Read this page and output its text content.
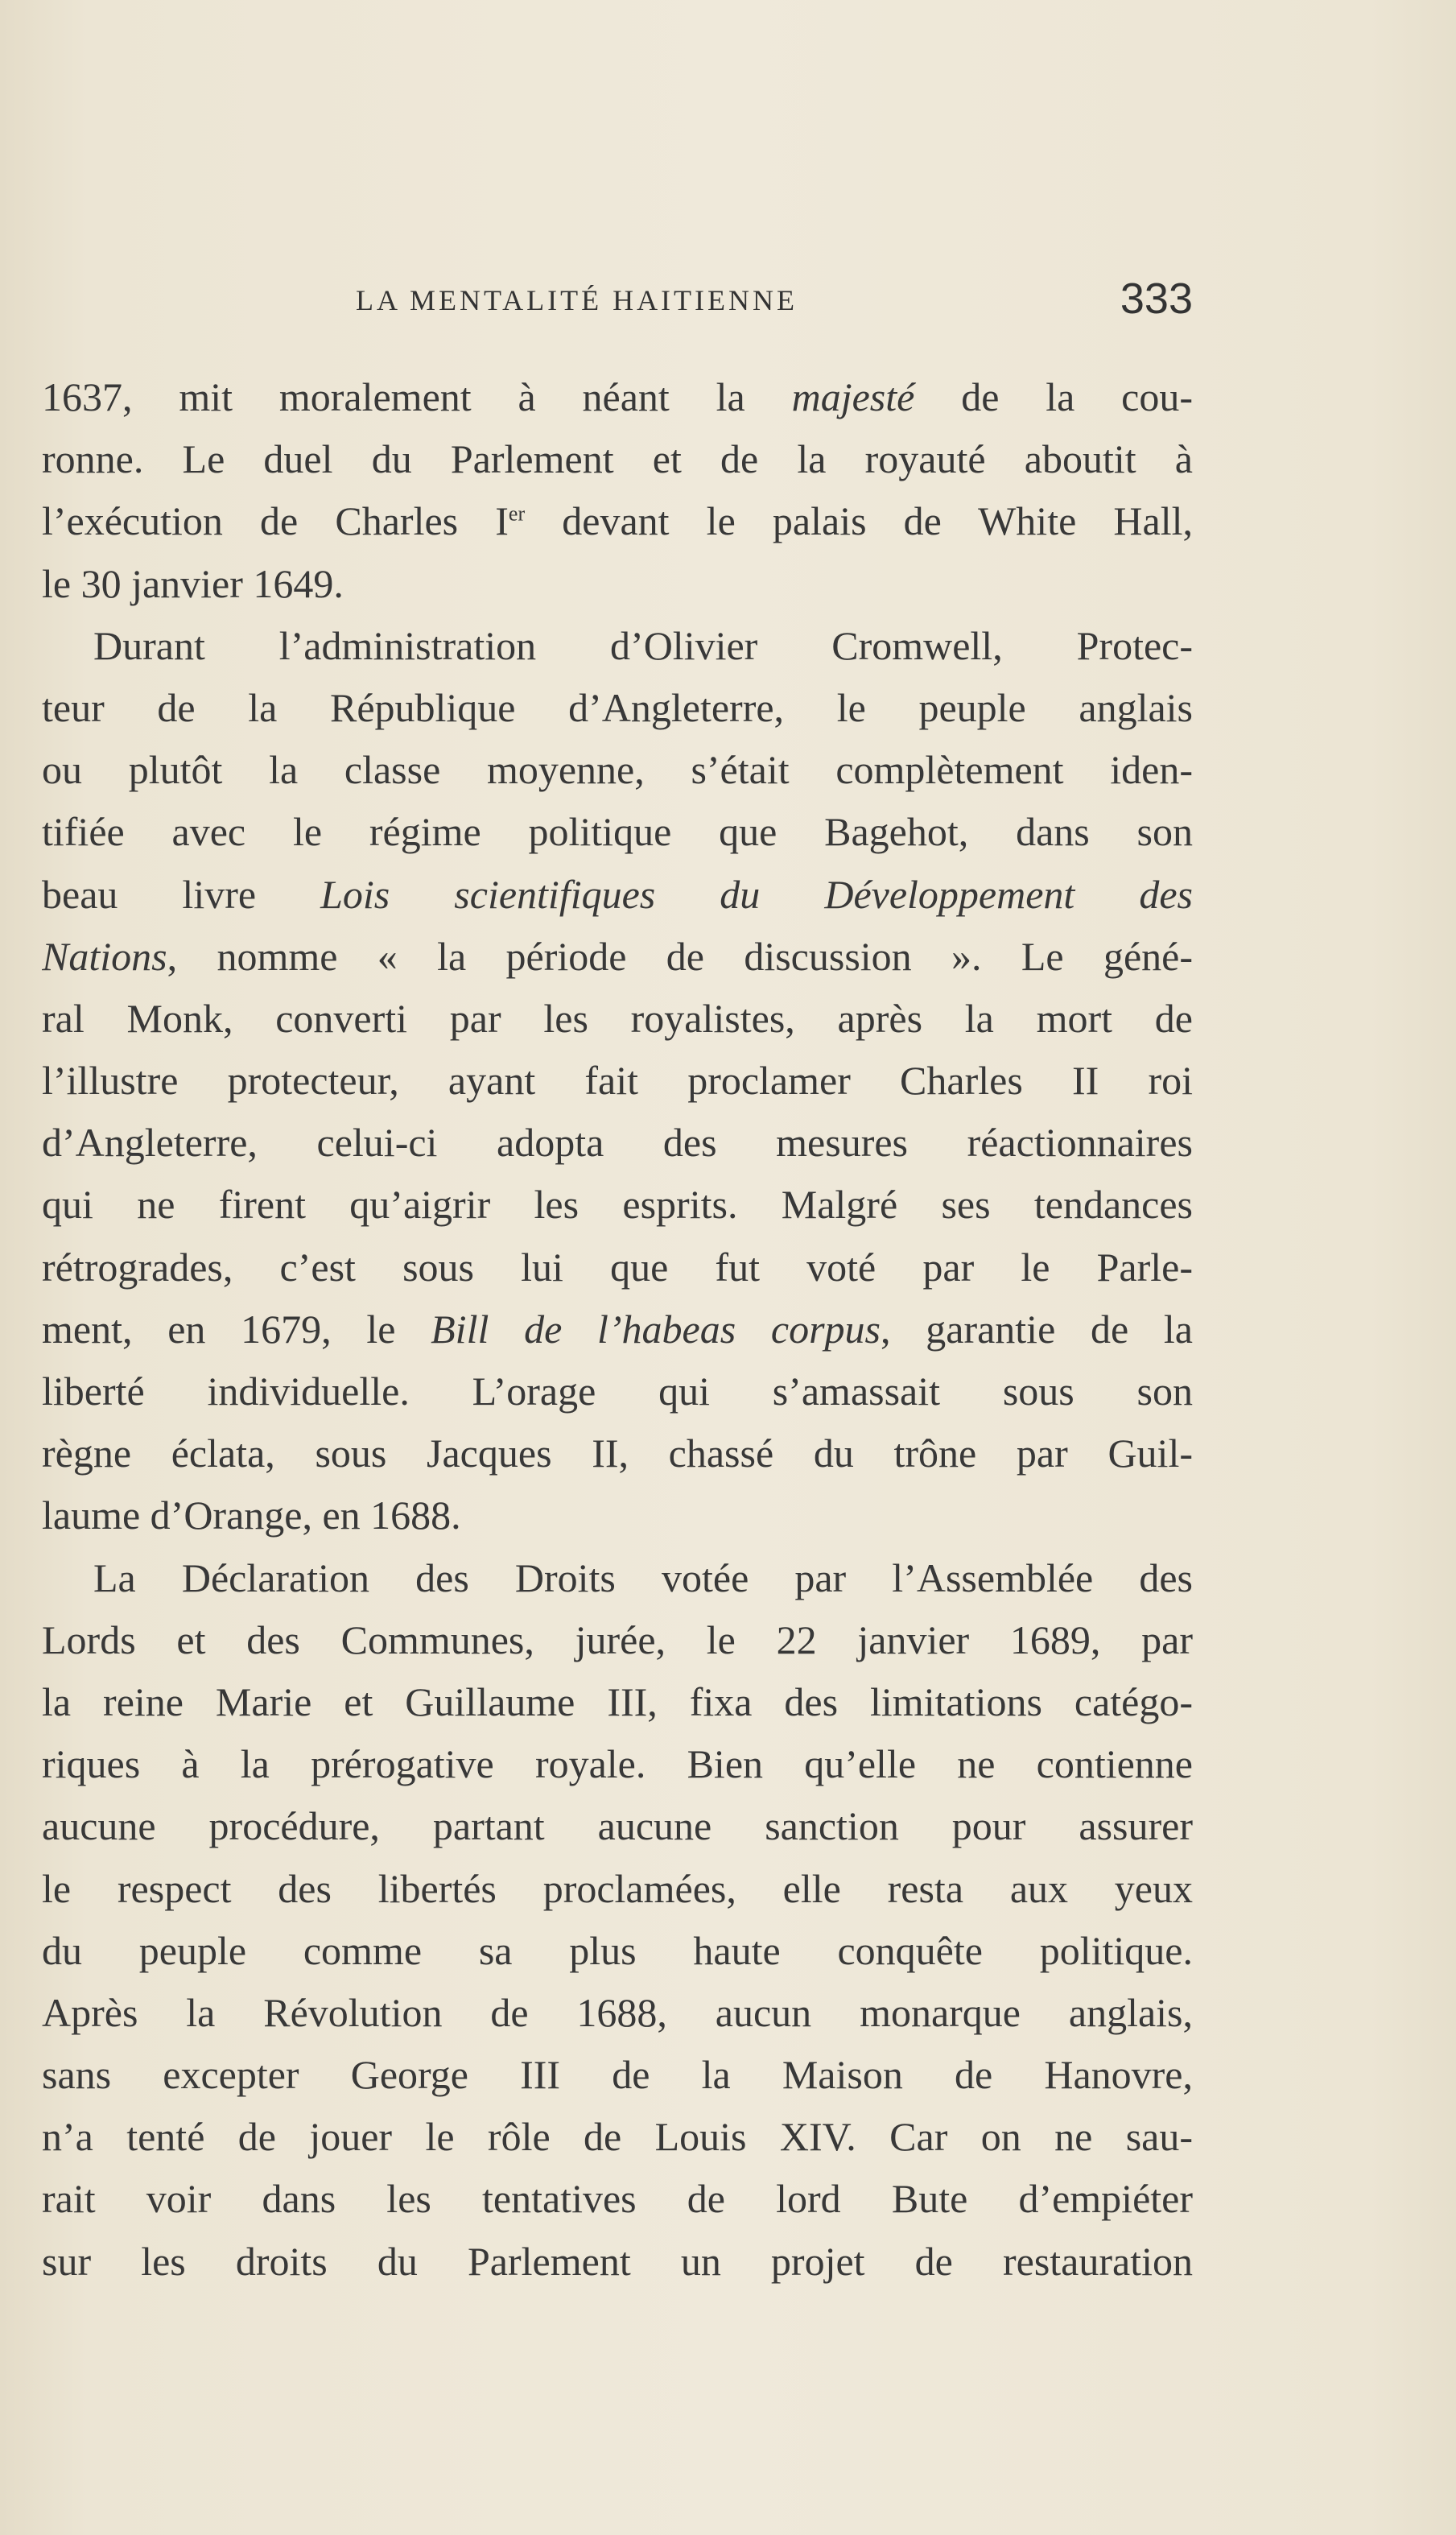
LA MENTALITÉ HAITIENNE	333
1637, mit moralement à néant la majesté de la cou-
ronne. Le duel du Parlement et de la royauté aboutit à
l’exécution de Charles Ier devant le palais de White Hall,
le 30 janvier 1649.
Durant l’administration d’Olivier Cromwell, Protec-
teur de la République d’Angleterre, le peuple anglais
ou plutôt la classe moyenne, s’était complètement iden-
tifiée avec le régime politique que Bagehot, dans son
beau livre Lois scientifiques du Développement des
Nations, nomme « la période de discussion ». Le géné-
ral Monk, converti par les royalistes, après la mort de
l’illustre protecteur, ayant fait proclamer Charles II roi
d’Angleterre, celui-ci adopta des mesures réactionnaires
qui ne firent qu’aigrir les esprits. Malgré ses tendances
rétrogrades, c’est sous lui que fut voté par le Parle-
ment, en 1679, le Bill de l’habeas corpus, garantie de la
liberté individuelle. L’orage qui s’amassait sous son
règne éclata, sous Jacques II, chassé du trône par Guil-
laume d’Orange, en 1688.
La Déclaration des Droits votée par l’Assemblée des
Lords et des Communes, jurée, le 22 janvier 1689, par
la reine Marie et Guillaume III, fixa des limitations catégo-
riques à la prérogative royale. Bien qu’elle ne contienne
aucune procédure, partant aucune sanction pour assurer
le respect des libertés proclamées, elle resta aux yeux
du peuple comme sa plus haute conquête politique.
Après la Révolution de 1688, aucun monarque anglais,
sans excepter George III de la Maison de Hanovre,
n’a tenté de jouer le rôle de Louis XIV. Car on ne sau-
rait voir dans les tentatives de lord Bute d’empiéter
sur les droits du Parlement un projet de restauration
